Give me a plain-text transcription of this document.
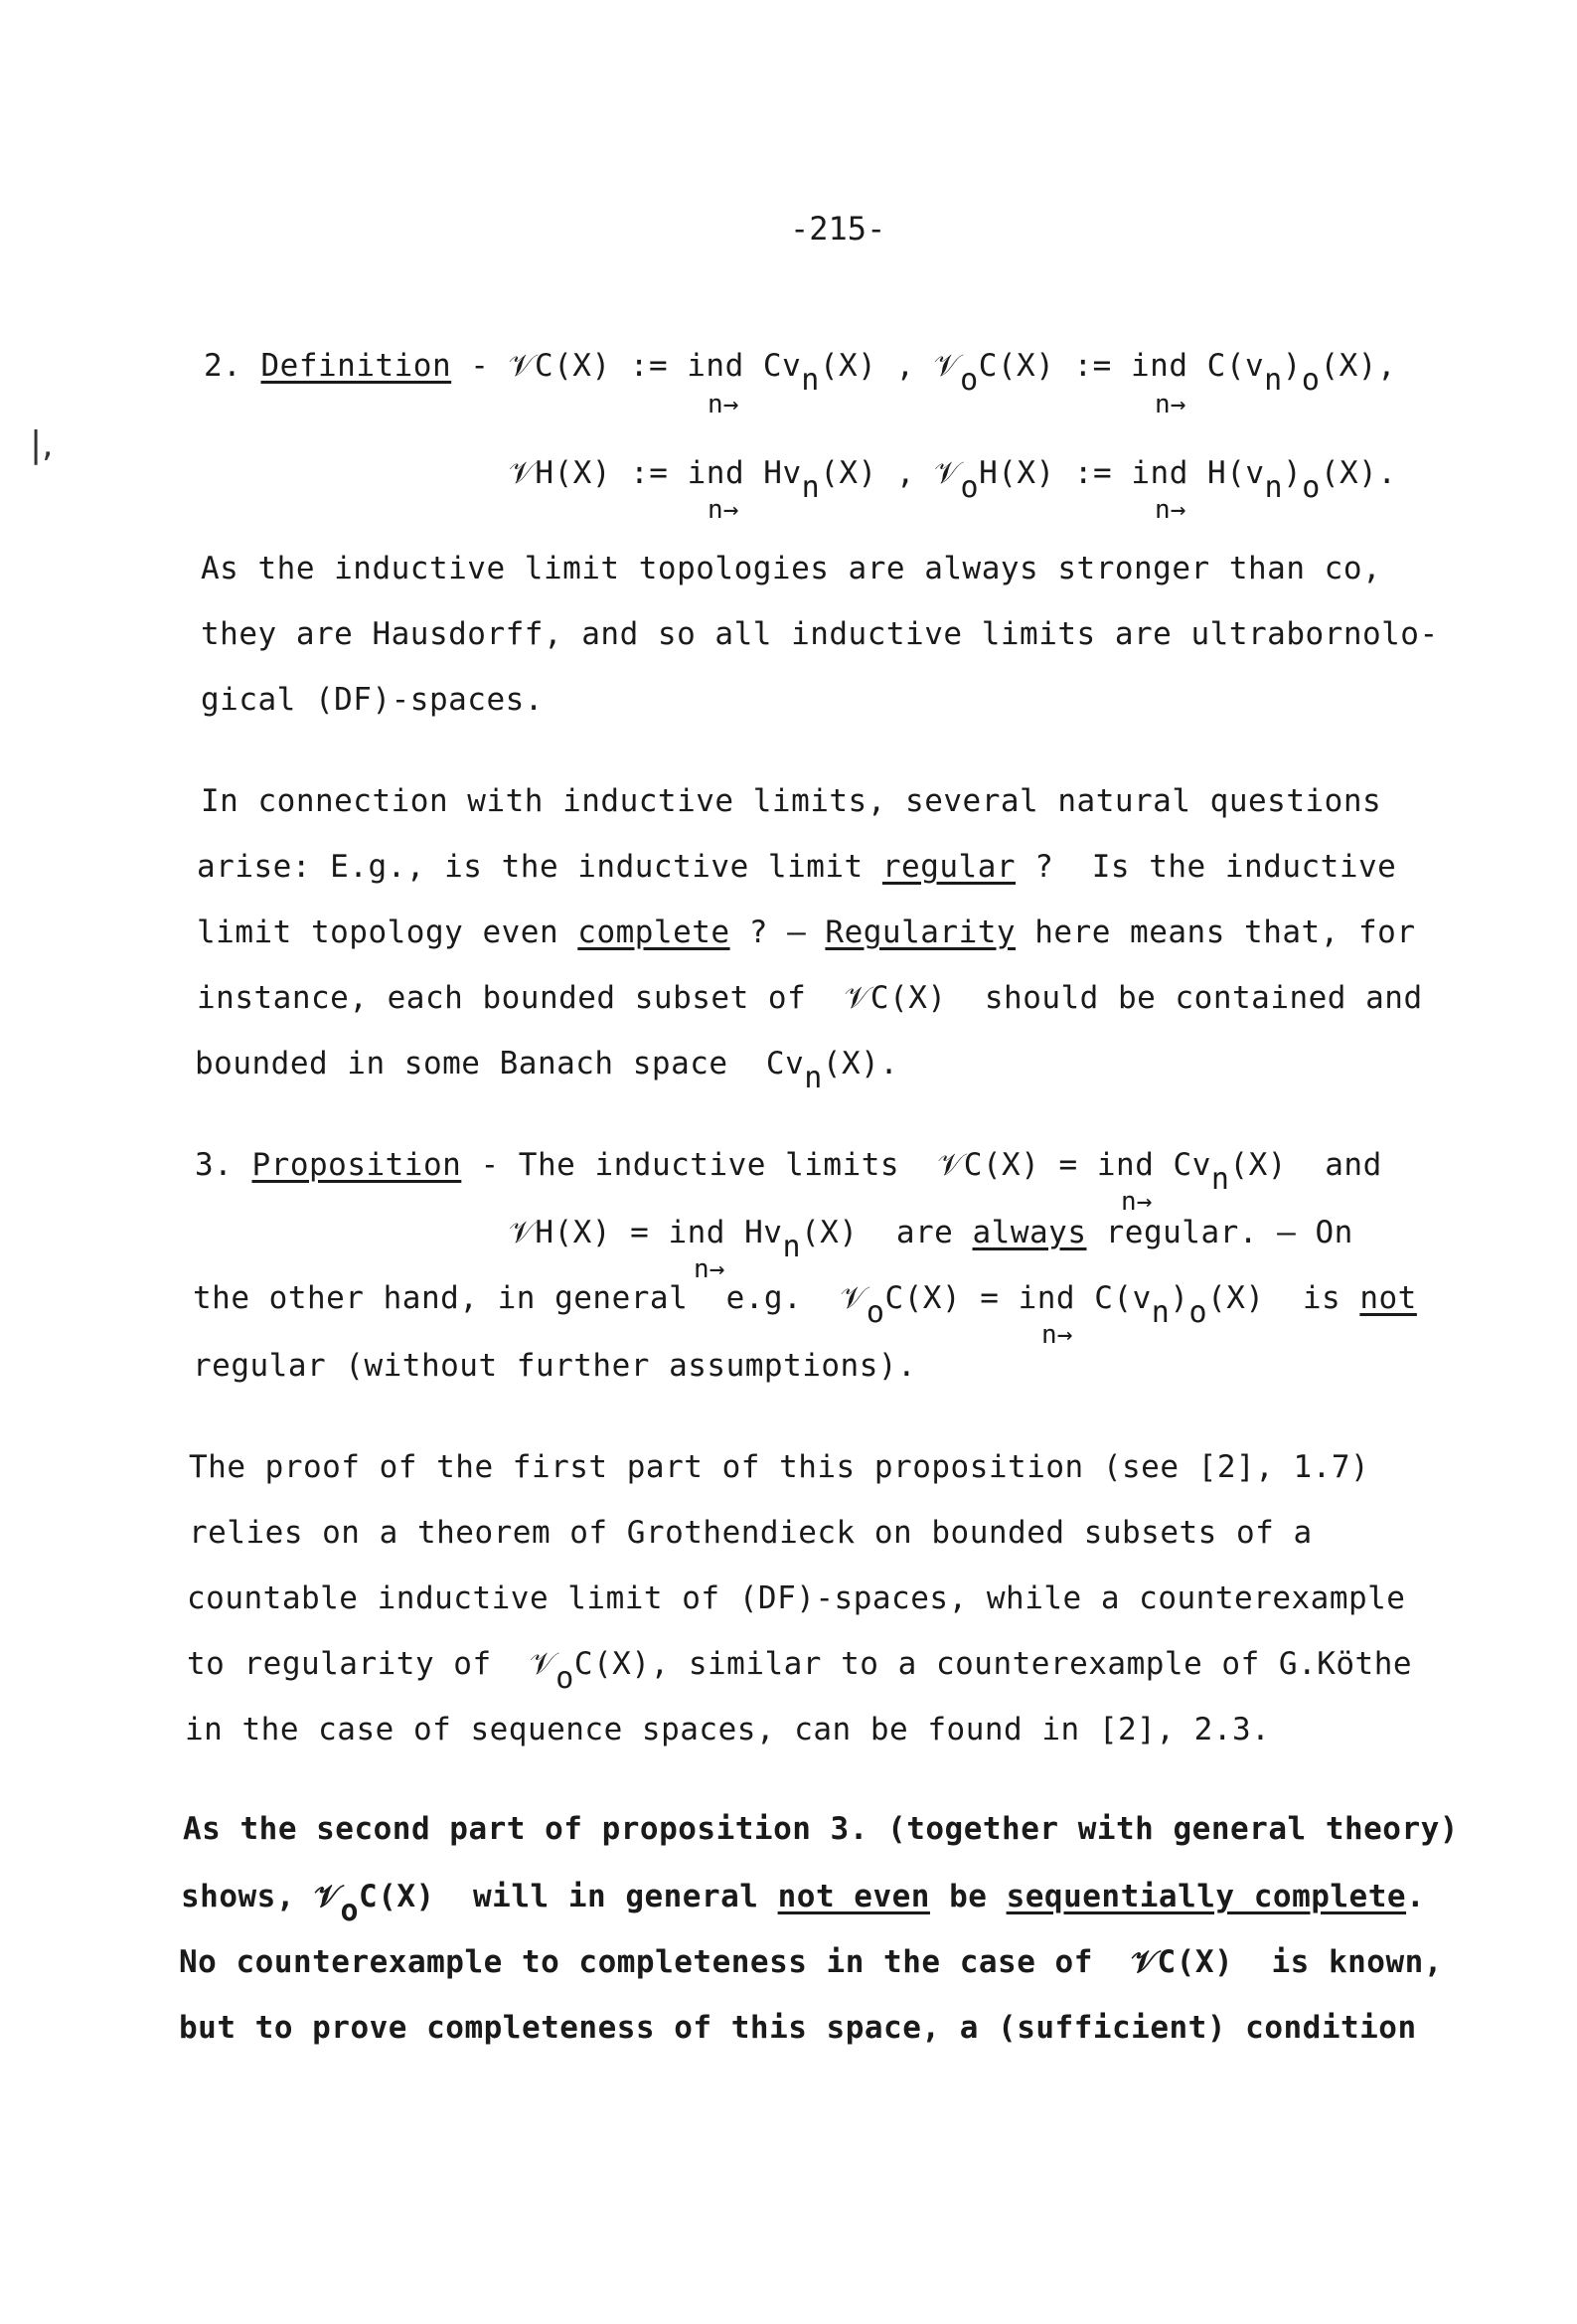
-215-
|,
2. Definition - 𝒱C(X) := ind Cvn(X) , 𝒱oC(X) := ind C(vn)o(X),
n→	n→
𝒱H(X) := ind Hvn(X) , 𝒱oH(X) := ind H(vn)o(X).
n→	n→
As the inductive limit topologies are always stronger than co,
they are Hausdorff, and so all inductive limits are ultrabornolo-
gical (DF)-spaces.
In connection with inductive limits, several natural questions
arise: E.g., is the inductive limit regular ?  Is the inductive
limit topology even complete ? — Regularity here means that, for
instance, each bounded subset of  𝒱C(X)  should be contained and
bounded in some Banach space  Cvn(X).
3. Proposition - The inductive limits  𝒱C(X) = ind Cvn(X)  and
n→
𝒱H(X) = ind Hvn(X)  are always regular. — On
n→
the other hand, in general  e.g.  𝒱oC(X) = ind C(vn)o(X)  is not
n→
regular (without further assumptions).
The proof of the first part of this proposition (see [2], 1.7)
relies on a theorem of Grothendieck on bounded subsets of a
countable inductive limit of (DF)-spaces, while a counterexample
to regularity of  𝒱oC(X), similar to a counterexample of G.Köthe
in the case of sequence spaces, can be found in [2], 2.3.
As the second part of proposition 3. (together with general theory)
shows, 𝒱oC(X)  will in general not even be sequentially complete.
No counterexample to completeness in the case of  𝒱C(X)  is known,
but to prove completeness of this space, a (sufficient) condition
